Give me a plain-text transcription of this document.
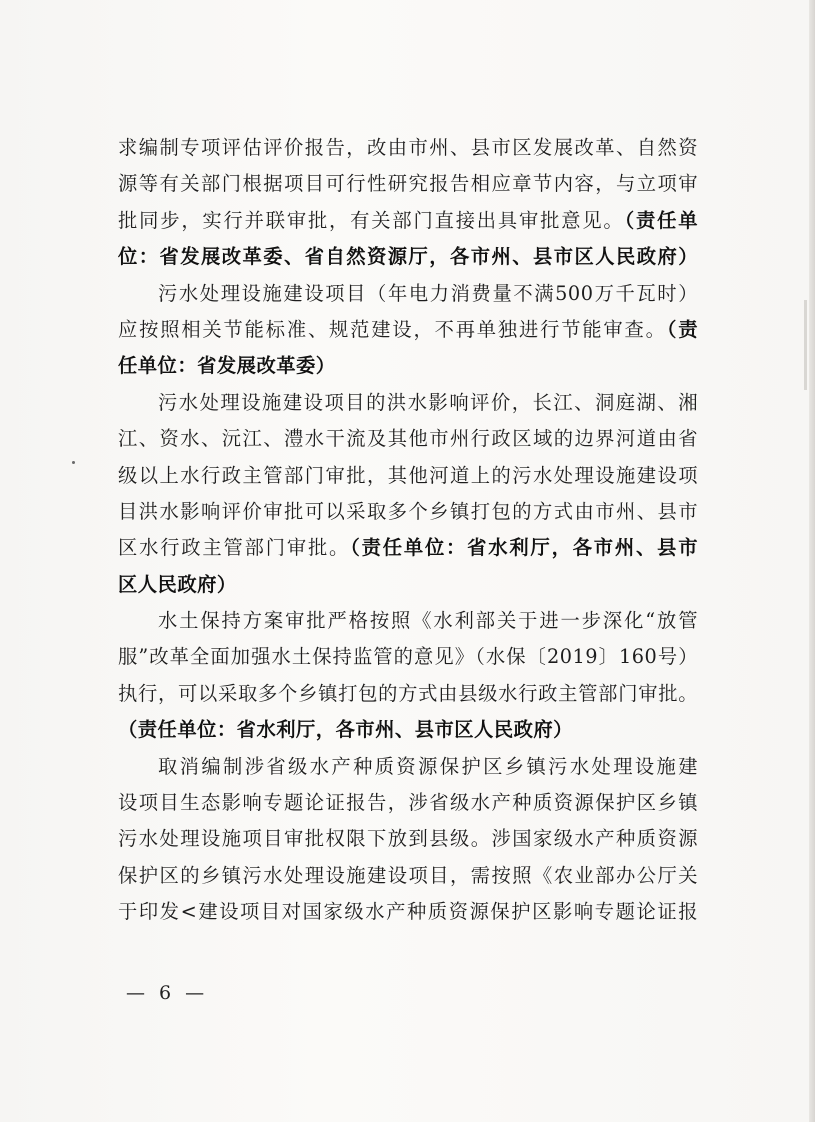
求编制专项评估评价报告，改由市州、县市区发展改革、自然资
源等有关部门根据项目可行性研究报告相应章节内容，与立项审
批同步，实行并联审批，有关部门直接出具审批意见。（责任单
位：省发展改革委、省自然资源厅，各市州、县市区人民政府）
污水处理设施建设项目（年电力消费量不满500万千瓦时）
应按照相关节能标准、规范建设，不再单独进行节能审查。（责
任单位：省发展改革委）
污水处理设施建设项目的洪水影响评价，长江、洞庭湖、湘
江、资水、沅江、澧水干流及其他市州行政区域的边界河道由省
级以上水行政主管部门审批，其他河道上的污水处理设施建设项
目洪水影响评价审批可以采取多个乡镇打包的方式由市州、县市
区水行政主管部门审批。（责任单位：省水利厅，各市州、县市
区人民政府）
水土保持方案审批严格按照《水利部关于进一步深化“放管
服”改革全面加强水土保持监管的意见》（水保〔2019〕160号）
执行，可以采取多个乡镇打包的方式由县级水行政主管部门审批。
（责任单位：省水利厅，各市州、县市区人民政府）
取消编制涉省级水产种质资源保护区乡镇污水处理设施建
设项目生态影响专题论证报告，涉省级水产种质资源保护区乡镇
污水处理设施项目审批权限下放到县级。涉国家级水产种质资源
保护区的乡镇污水处理设施建设项目，需按照《农业部办公厅关
于印发<建设项目对国家级水产种质资源保护区影响专题论证报
— 6 —
